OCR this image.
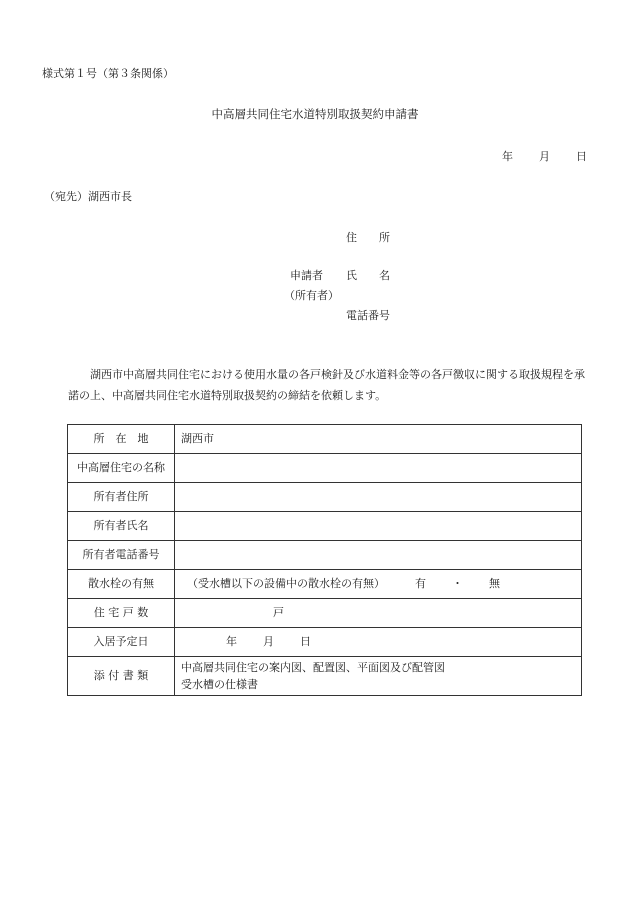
様式第１号（第３条関係）
中高層共同住宅水道特別取扱契約申請書
年 月 日
（宛先）湖西市長
住　　所
申請者 氏　　名
（所有者）
電話番号
湖西市中高層共同住宅における使用水量の各戸検針及び水道料金等の各戸徴収に関する取扱規程を承諾の上、中高層共同住宅水道特別取扱契約の締結を依頼します。
所　在　地	湖西市
中高層住宅の名称	
所有者住所	
所有者氏名	
所有者電話番号	
散水栓の有無	（受水槽以下の設備中の散水栓の有無） 有 ・ 無
住 宅 戸 数	戸
入居予定日	年 月 日
添 付 書 類	中高層共同住宅の案内図、配置図、平面図及び配管図
受水槽の仕様書
